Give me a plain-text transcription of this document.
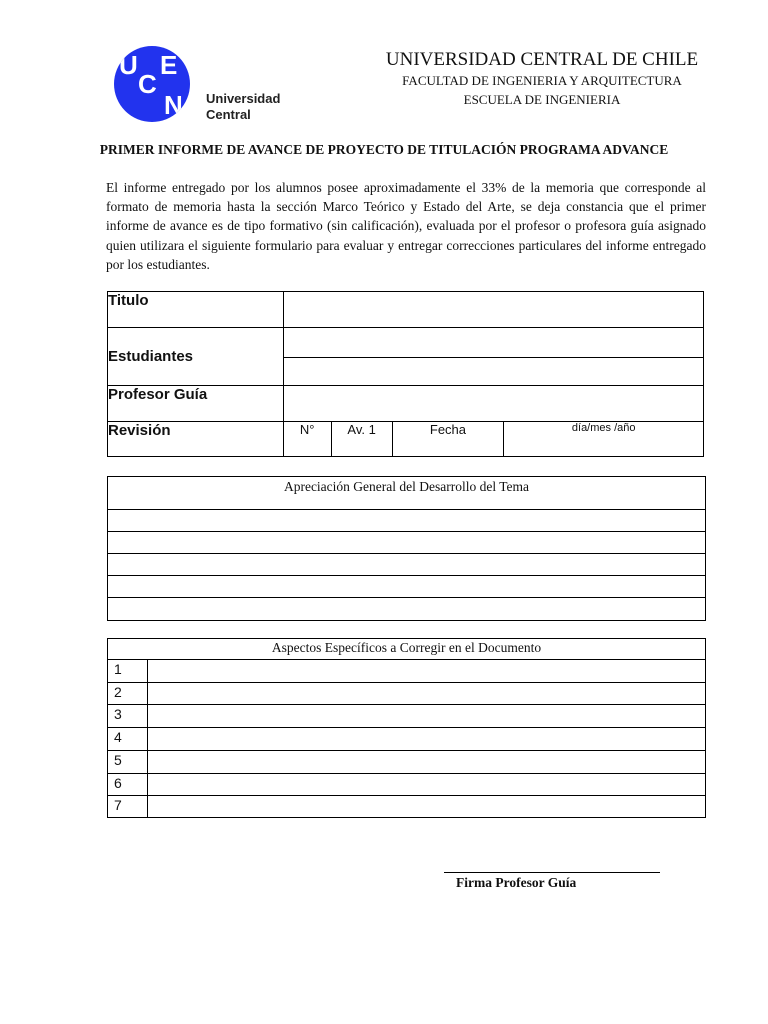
U
C
E
N Universidad
Central
UNIVERSIDAD CENTRAL DE CHILE
FACULTAD DE INGENIERIA Y ARQUITECTURA
ESCUELA DE INGENIERIA
PRIMER INFORME DE AVANCE DE PROYECTO DE TITULACIÓN PROGRAMA ADVANCE
El informe entregado por los alumnos posee aproximadamente el 33% de la memoria que corresponde al formato de memoria hasta la sección Marco Teórico y Estado del Arte, se deja constancia que el primer informe de avance es de tipo formativo (sin calificación), evaluada por el profesor o profesora guía asignado quien utilizara el siguiente formulario para evaluar y entregar correcciones particulares del informe entregado por los estudiantes.
Titulo				
Estudiantes				

Profesor Guía				
Revisión	N°	Av. 1	Fecha	día/mes /año
Apreciación General del Desarrollo del Tema
Aspectos Específicos a Corregir en el Documento
1
2
3
4
5
6
7
Firma Profesor Guía
